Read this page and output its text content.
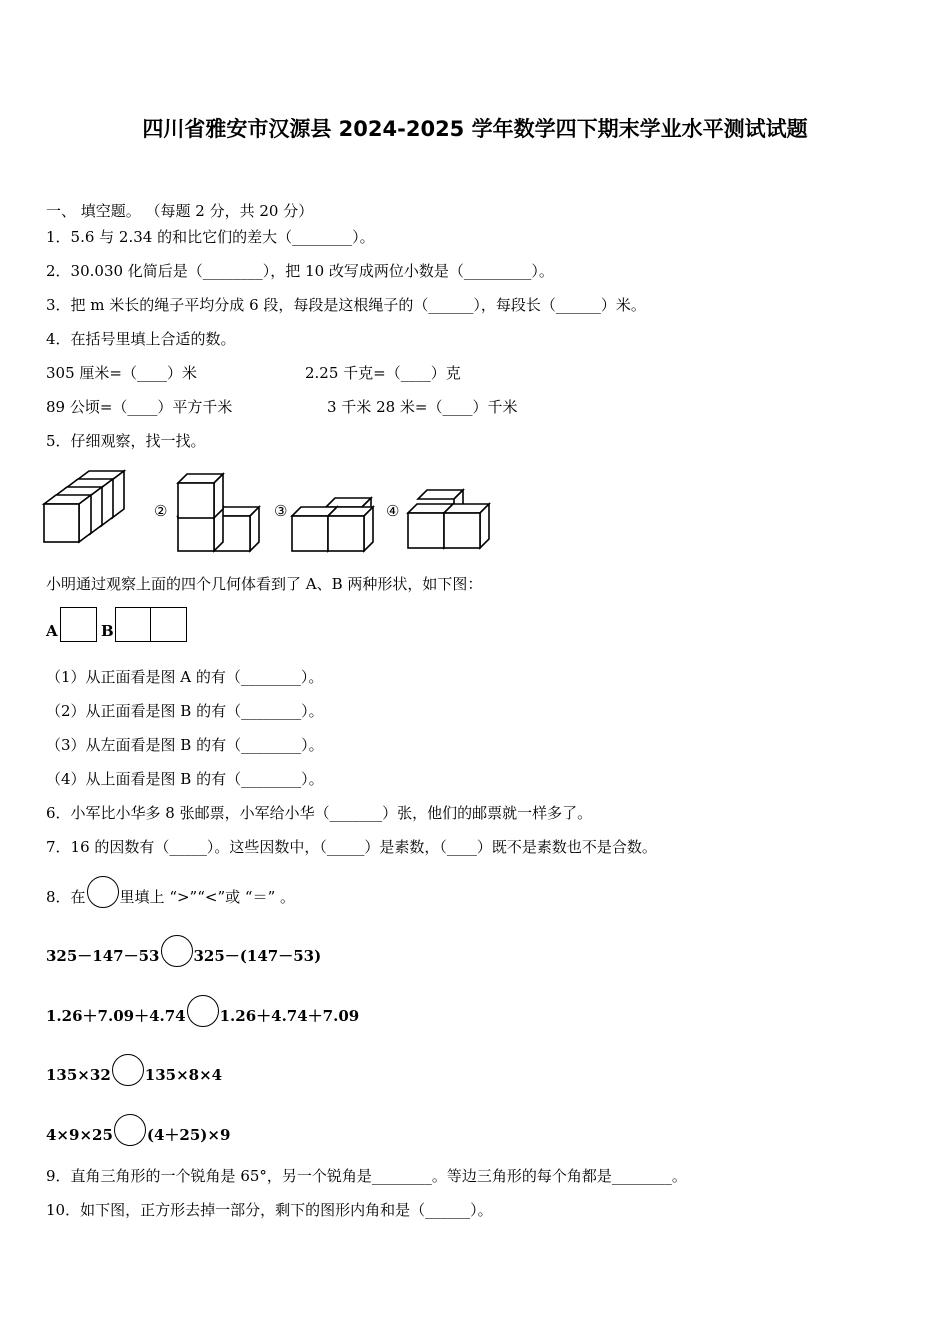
四川省雅安市汉源县 2024-2025 学年数学四下期末学业水平测试试题
一、 填空题。 （每题 2 分，共 20 分）
1．5.6 与 2.34 的和比它们的差大（________）。
2．30.030 化简后是（________），把 10 改写成两位小数是（_________）。
3．把 m 米长的绳子平均分成 6 段，每段是这根绳子的（______），每段长（______）米。
4．在括号里填上合适的数。
305 厘米=（____）米	2.25 千克=（____）克
89 公顷=（____）平方千米	3 千米 28 米=（____）千米
5．仔细观察，找一找。
②	③	④
小明通过观察上面的四个几何体看到了 A、B 两种形状，如下图：
A	B
（1）从正面看是图 A 的有（________）。
（2）从正面看是图 B 的有（________）。
（3）从左面看是图 B 的有（________）。
（4）从上面看是图 B 的有（________）。
6．小军比小华多 8 张邮票，小军给小华（_______）张，他们的邮票就一样多了。
7．16 的因数有（_____）。这些因数中，（_____）是素数，（____）既不是素数也不是合数。
8．在 里填上 “>”“<”或 “＝” 。
325－147－53 325－(147－53)
1.26＋7.09＋4.74 1.26＋4.74＋7.09
135×32 135×8×4
4×9×25 (4＋25)×9
9．直角三角形的一个锐角是 65°，另一个锐角是________。等边三角形的每个角都是________。
10．如下图，正方形去掉一部分，剩下的图形内角和是（______）。
